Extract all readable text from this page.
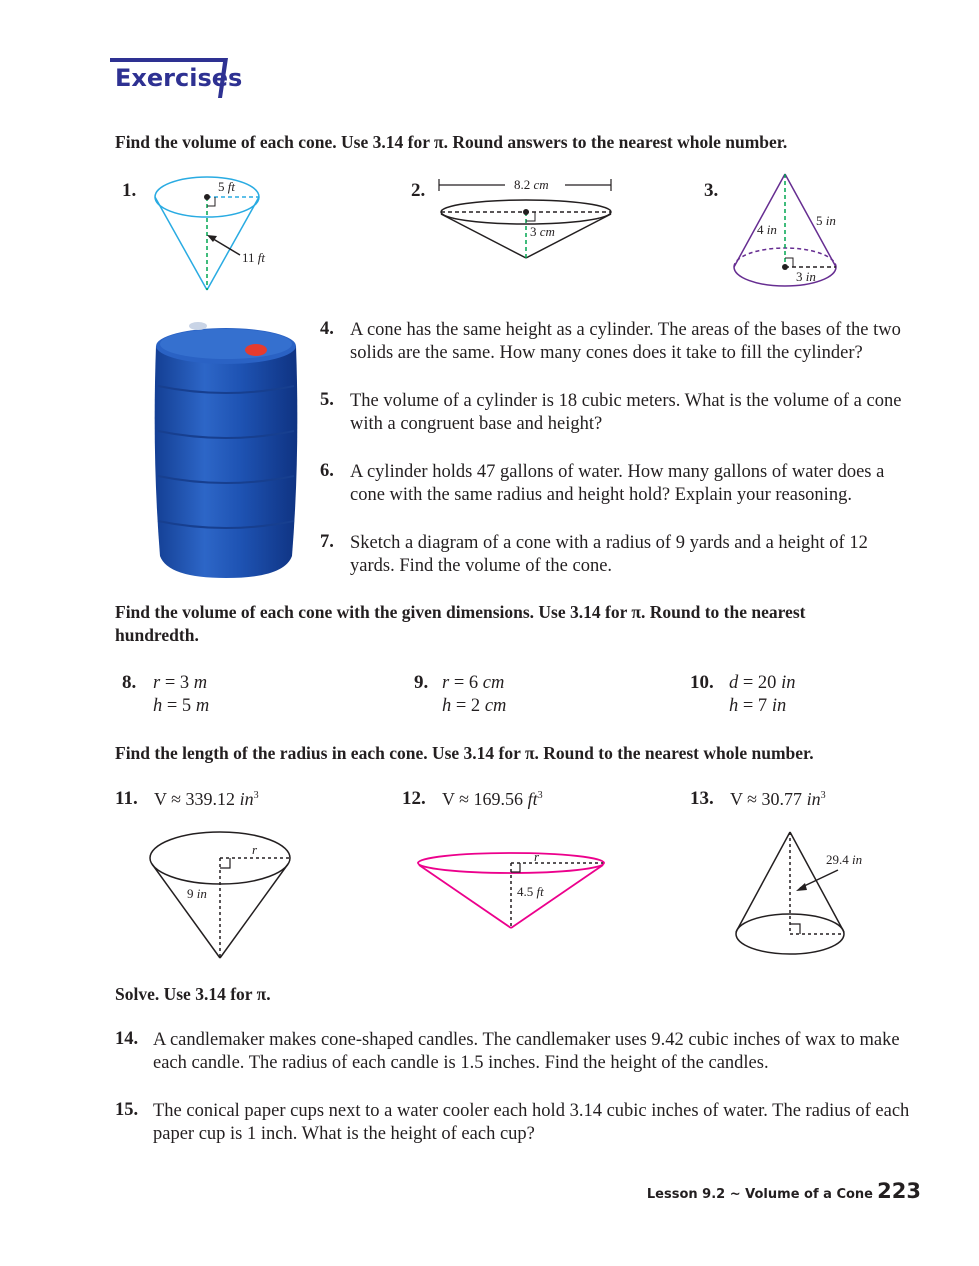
Exercises
Find the volume of each cone. Use 3.14 for π. Round answers to the nearest whole number.
1.	5 ft
11 ft
2.	8.2 cm
3 cm
3.
4 in
5 in
3 in
4. A cone has the same height as a cylinder. The areas of the bases of the two solids are the same. How many cones does it take to fill the cylinder?
5. The volume of a cylinder is 18 cubic meters. What is the volume of a cone with a congruent base and height?
6. A cylinder holds 47 gallons of water. How many gallons of water does a cone with the same radius and height hold? Explain your reasoning.
7. Sketch a diagram of a cone with a radius of 9 yards and a height of 12 yards. Find the volume of the cone.
Find the volume of each cone with the given dimensions. Use 3.14 for π. Round to the nearest hundredth.
8. r = 3 m
h = 5 m
9. r = 6 cm
h = 2 cm
10. d = 20 in
h = 7 in
Find the length of the radius in each cone. Use 3.14 for π. Round to the nearest whole number.
11. V ≈ 339.12 $in^3$	12. V ≈ 169.56 $ft^3$	13. V ≈ 30.77 $in^3$
r
9 in
r
4.5 ft
29.4 in
Solve. Use 3.14 for π.
14. A candlemaker makes cone-shaped candles. The candlemaker uses 9.42 cubic inches of wax to make each candle. The radius of each candle is 1.5 inches. Find the height of the candles.
15. The conical paper cups next to a water cooler each hold 3.14 cubic inches of water. The radius of each paper cup is 1 inch. What is the height of each cup?
Lesson 9.2 ~ Volume of a Cone 223
